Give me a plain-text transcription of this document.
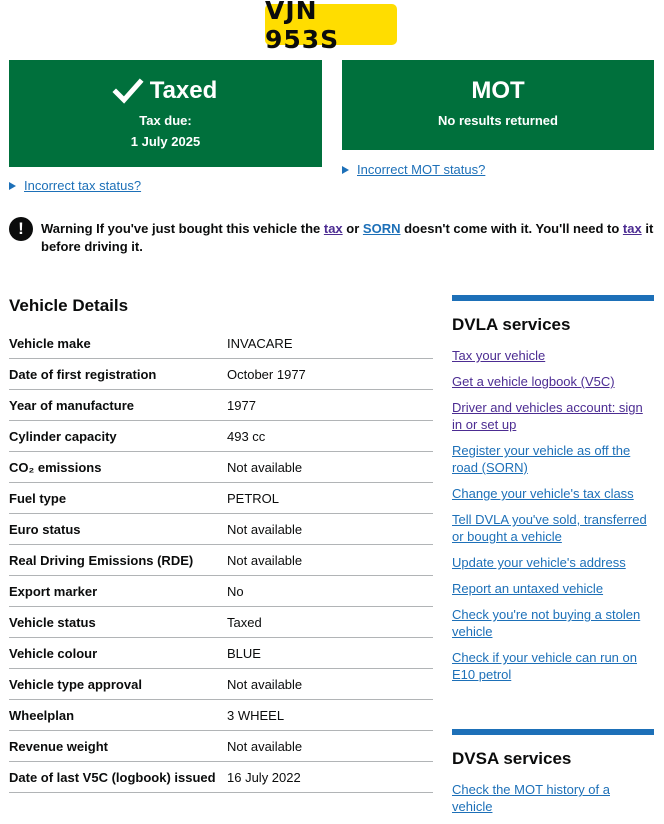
VJN 953S
Taxed
Tax due:
1 July 2025
MOT
No results returned
Incorrect tax status?
Incorrect MOT status?
!	Warning If you've just bought this vehicle the tax or SORN doesn't come with it. You'll need to tax it before driving it.
Vehicle Details
Vehicle make	INVACARE
Date of first registration	October 1977
Year of manufacture	1977
Cylinder capacity	493 cc
CO₂ emissions	Not available
Fuel type	PETROL
Euro status	Not available
Real Driving Emissions (RDE)	Not available
Export marker	No
Vehicle status	Taxed
Vehicle colour	BLUE
Vehicle type approval	Not available
Wheelplan	3 WHEEL
Revenue weight	Not available
Date of last V5C (logbook) issued 16 July 2022
DVLA services
Tax your vehicle
Get a vehicle logbook (V5C)
Driver and vehicles account: sign in or set up
Register your vehicle as off the road (SORN)
Change your vehicle's tax class
Tell DVLA you've sold, transferred or bought a vehicle
Update your vehicle's address
Report an untaxed vehicle
Check you're not buying a stolen vehicle
Check if your vehicle can run on E10 petrol
DVSA services
Check the MOT history of a vehicle
